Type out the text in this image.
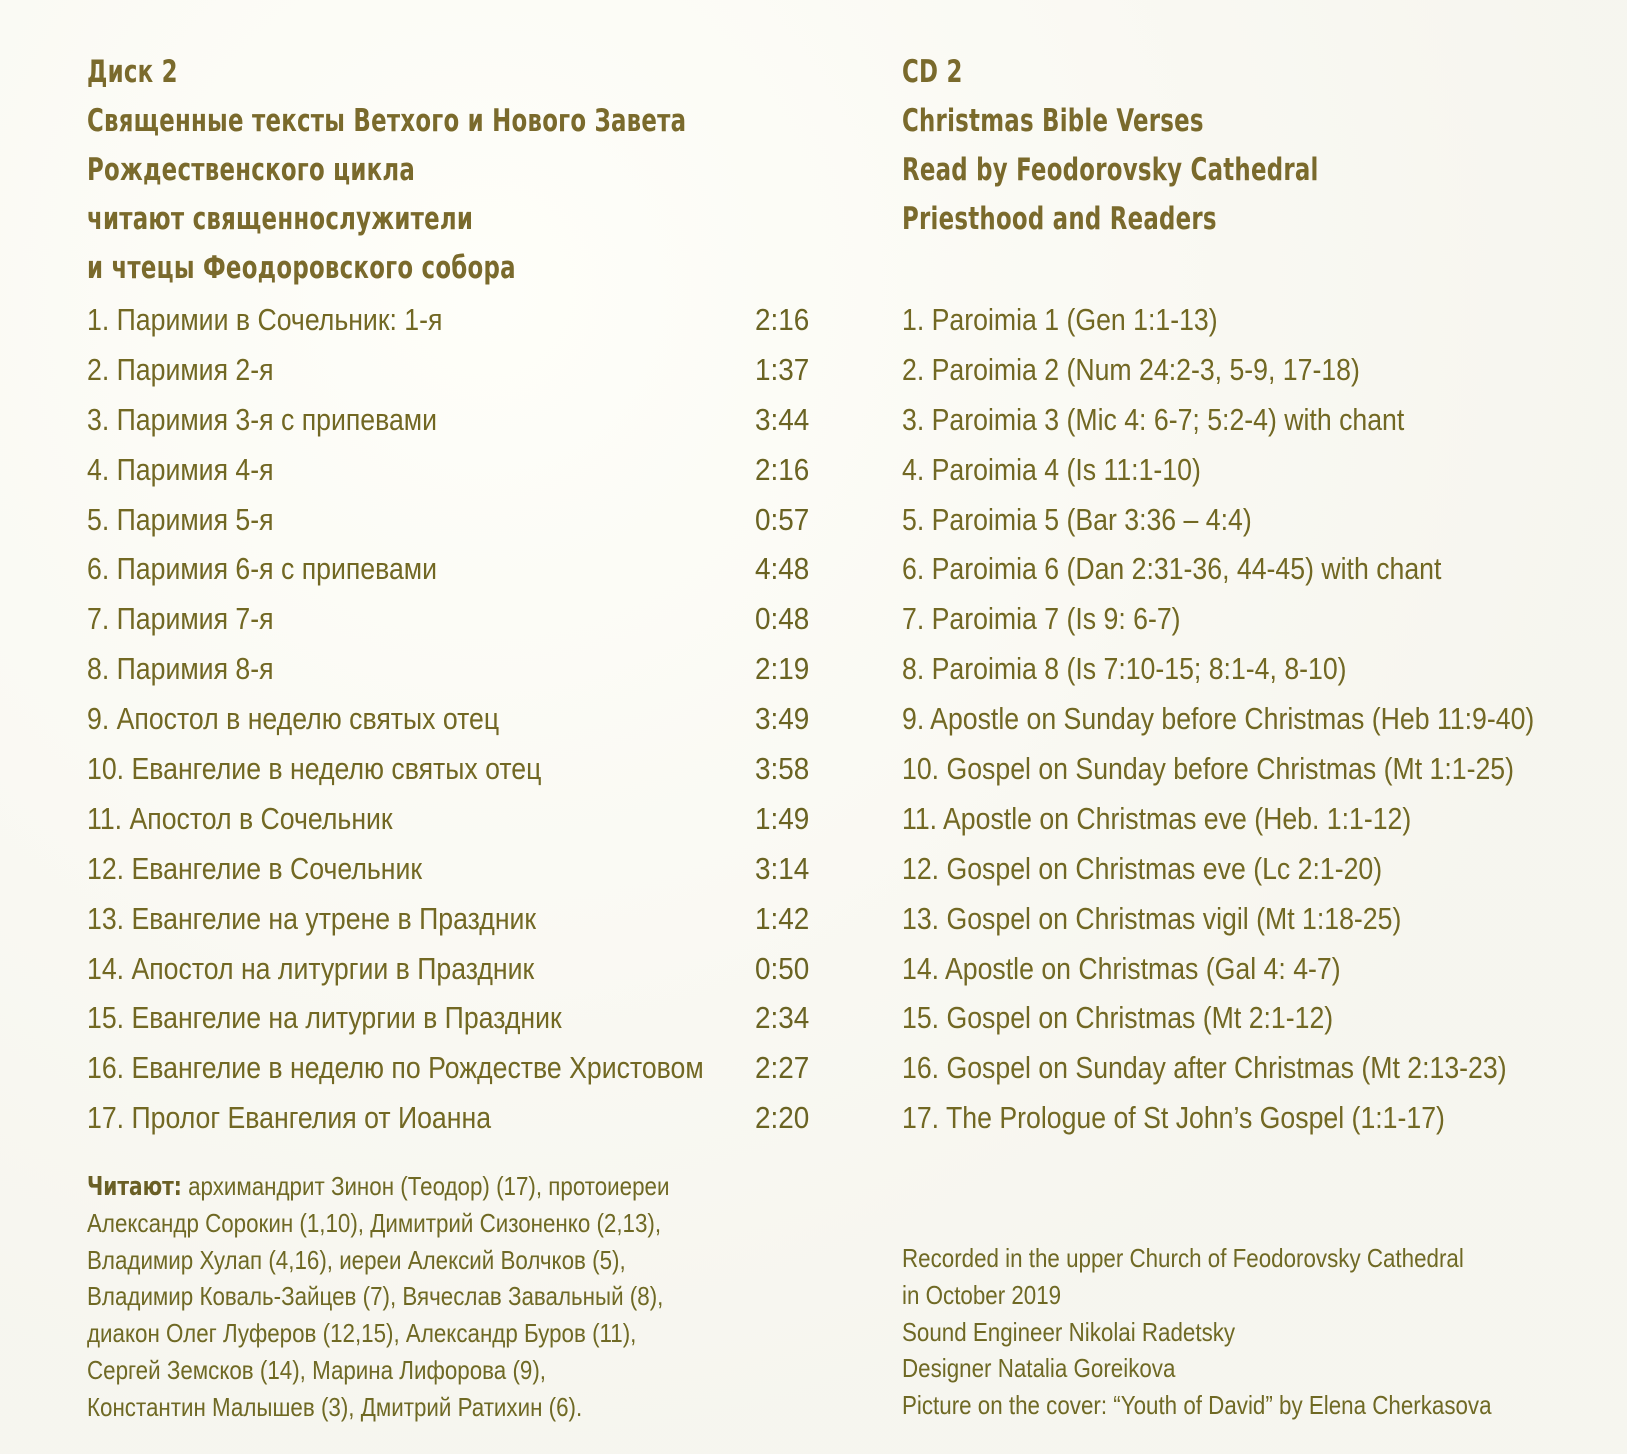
Диск 2
Священные тексты Ветхого и Нового Завета
Рождественского цикла
читают священнослужители
и чтецы Феодоровского собора
1. Паримии в Сочельник: 1-я	2:16
2. Паримия 2-я	1:37
3. Паримия 3-я с припевами	3:44
4. Паримия 4-я	2:16
5. Паримия 5-я	0:57
6. Паримия 6-я с припевами	4:48
7. Паримия 7-я	0:48
8. Паримия 8-я	2:19
9. Апостол в неделю святых отец	3:49
10. Евангелие в неделю святых отец	3:58
11. Апостол в Сочельник	1:49
12. Евангелие в Сочельник	3:14
13. Евангелие на утрене в Праздник	1:42
14. Апостол на литургии в Праздник	0:50
15. Евангелие на литургии в Праздник	2:34
16. Евангелие в неделю по Рождестве Христовом 2:27
17. Пролог Евангелия от Иоанна	2:20
CD 2
Christmas Bible Verses
Read by Feodorovsky Cathedral
Priesthood and Readers
1. Paroimia 1 (Gen 1:1-13)
2. Paroimia 2 (Num 24:2-3, 5-9, 17-18)
3. Paroimia 3 (Mic 4: 6-7; 5:2-4) with chant
4. Paroimia 4 (Is 11:1-10)
5. Paroimia 5 (Bar 3:36 – 4:4)
6. Paroimia 6 (Dan 2:31-36, 44-45) with chant
7. Paroimia 7 (Is 9: 6-7)
8. Paroimia 8 (Is 7:10-15; 8:1-4, 8-10)
9. Apostle on Sunday before Christmas (Heb 11:9-40)
10. Gospel on Sunday before Christmas (Mt 1:1-25)
11. Apostle on Christmas eve (Heb. 1:1-12)
12. Gospel on Christmas eve (Lc 2:1-20)
13. Gospel on Christmas vigil (Mt 1:18-25)
14. Apostle on Christmas (Gal 4: 4-7)
15. Gospel on Christmas (Mt 2:1-12)
16. Gospel on Sunday after Christmas (Mt 2:13-23)
17. The Prologue of St John’s Gospel (1:1-17)
Читают: архимандрит Зинон (Теодор) (17), протоиереи
Александр Сорокин (1,10), Димитрий Сизоненко (2,13),
Владимир Хулап (4,16), иереи Алексий Волчков (5),
Владимир Коваль-Зайцев (7), Вячеслав Завальный (8),
диакон Олег Луферов (12,15), Александр Буров (11),
Сергей Земсков (14), Марина Лифорова (9),
Константин Малышев (3), Дмитрий Ратихин (6).
Recorded in the upper Church of Feodorovsky Cathedral
in October 2019
Sound Engineer Nikolai Radetsky
Designer Natalia Goreikova
Picture on the cover: “Youth of David” by Elena Cherkasova
